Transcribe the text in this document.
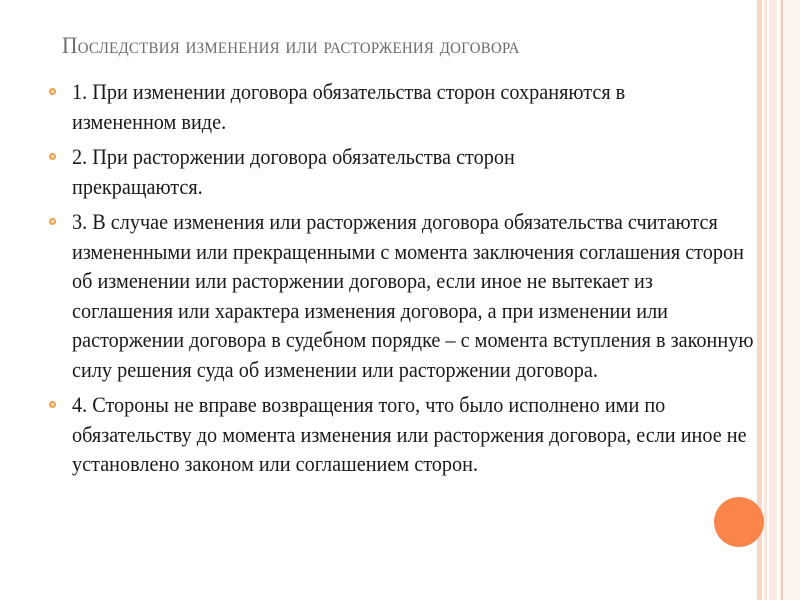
Последствия изменения или расторжения договора
1. При изменении договора обязательства сторон сохраняются в измененном виде.
2. При расторжении договора обязательства сторон прекращаются.
3. В случае изменения или расторжения договора обязательства считаются измененными или прекращенными с момента заключения соглашения сторон об изменении или расторжении договора, если иное не вытекает из соглашения или характера изменения договора, а при изменении или расторжении договора в судебном порядке – с момента вступления в законную силу решения суда об изменении или расторжении договора.
4. Стороны не вправе возвращения того, что было исполнено ими по обязательству до момента изменения или расторжения договора, если иное не установлено законом или соглашением сторон.
